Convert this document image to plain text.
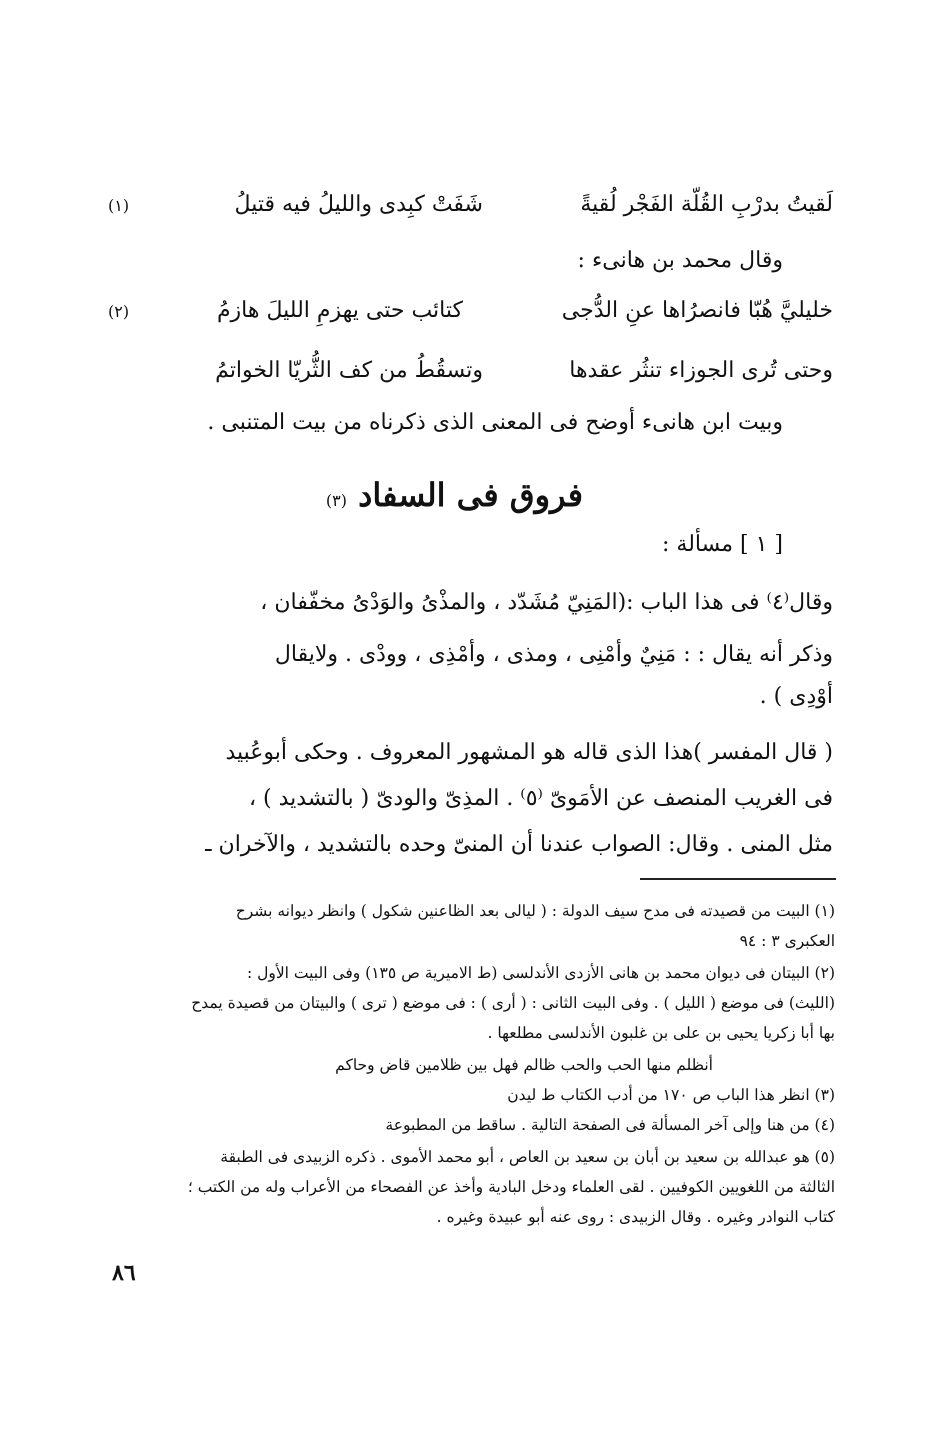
لَقيتُ بدرْبِ القُلّة الفَجْر لُقيةً
شَفَتْ كبِدى والليلُ فيه قتيلُ
(١)
وقال محمد بن هانىء :
خليليَّ هُبّا فانصرُاها عنِ الدُّجى
كتائب حتى يهزمِ الليلَ هازمُ
(٢)
وحتى تُرى الجوزاء تنثُر عقدها
وتسقُطُ من كف الثُّريّا الخواتمُ
وبيت ابن هانىء أوضح فى المعنى الذى ذكرناه من بيت المتنبى .
فروق فى السفاد (٣)
[ ١ ] مسألة :
وقال⁽٤⁾ فى هذا الباب :(المَنِيّ مُشَدّد ، والمذْىُ والوَدْىُ مخفّفان ،
وذكر أنه يقال : : مَنِيٌ وأمْنِى ، ومذى ، وأمْذِى ، وودْى . ولايقال
أوْدِى ) .
( قال المفسر )هذا الذى قاله هو المشهور المعروف . وحكى أبوعُبيد
فى الغريب المنصف عن الأمَوىّ ⁽٥⁾ . المذِىّ والودىّ ( بالتشديد ) ،
مثل المنى . وقال: الصواب عندنا أن المنىّ وحده بالتشديد ، والآخران ـ
(١) البيت من قصيدته فى مدح سيف الدولة : ( ليالى بعد الظاعنين شكول ) وانظر ديوانه بشرح
العكبرى ٣ : ٩٤
(٢) البيتان فى ديوان محمد بن هانى الأزدى الأندلسى (ط الاميرية ص ١٣٥) وفى البيت الأول :
(الليث) فى موضع ( الليل ) . وفى البيت الثانى : ( أرى ) : فى موضع ( ترى ) والبيتان من قصيدة يمدح
بها أبا زكريا يحيى بن على بن غلبون الأندلسى مطلعها .
أنظلم منها الحب والحب ظالم فهل بين ظلامين قاض وحاكم
(٣) انظر هذا الباب ص ١٧٠ من أدب الكتاب ط ليدن
(٤) من هنا وإلى آخر المسألة فى الصفحة التالية . ساقط من المطبوعة
(٥) هو عبدالله بن سعيد بن أبان بن سعيد بن العاص ، أبو محمد الأموى . ذكره الزبيدى فى الطبقة
الثالثة من اللغويين الكوفيين . لقى العلماء ودخل البادية وأخذ عن الفصحاء من الأعراب وله من الكتب ؛
كتاب النوادر وغيره . وقال الزبيدى : روى عنه أبو عبيدة وغيره .
٨٦
